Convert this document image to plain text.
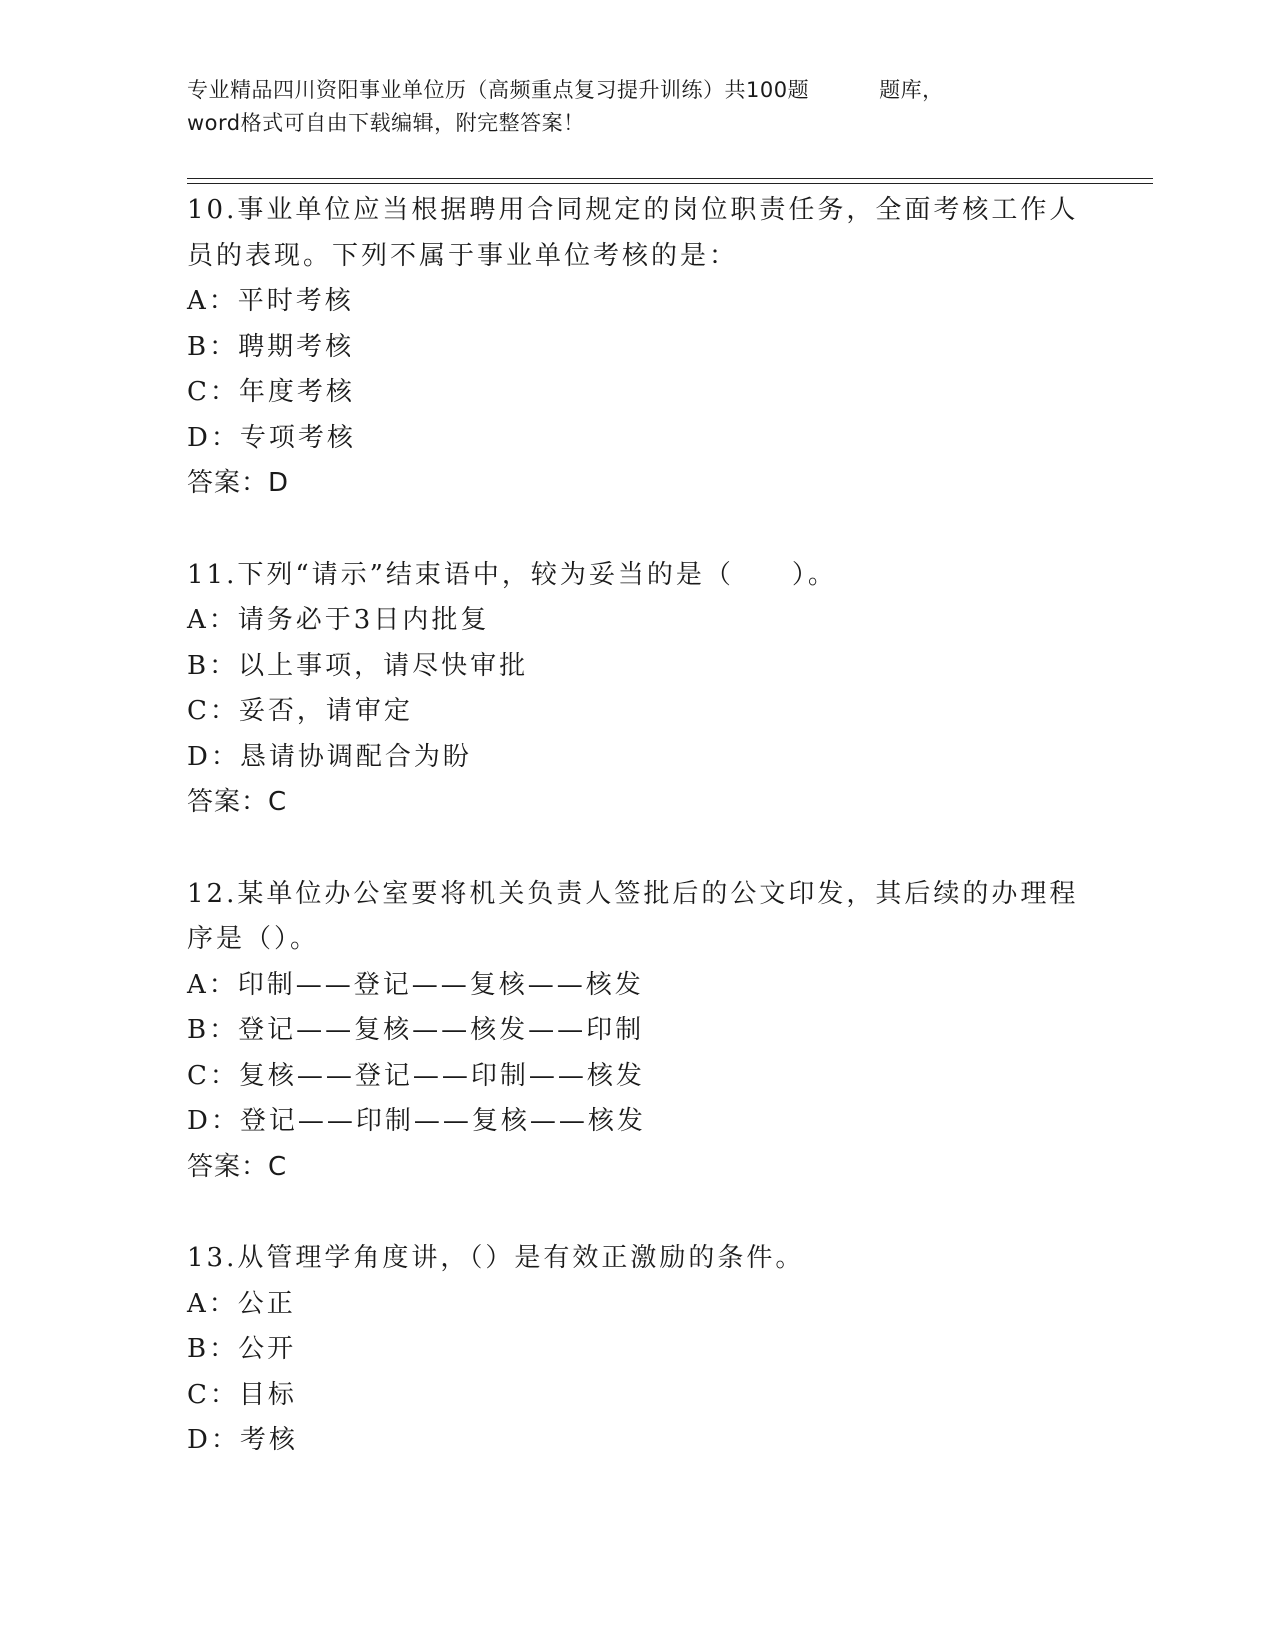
专业精品四川资阳事业单位历（高频重点复习提升训练）共100题	题库，
word格式可自由下载编辑，附完整答案！
10.事业单位应当根据聘用合同规定的岗位职责任务，全面考核工作人员的表现。下列不属于事业单位考核的是：
A：平时考核
B：聘期考核
C：年度考核
D：专项考核
答案：D
11.下列“请示”结束语中，较为妥当的是（　　）。
A：请务必于3日内批复
B：以上事项，请尽快审批
C：妥否，请审定
D：恳请协调配合为盼
答案：C
12.某单位办公室要将机关负责人签批后的公文印发，其后续的办理程序是（）。
A：印制——登记——复核——核发
B：登记——复核——核发——印制
C：复核——登记——印制——核发
D：登记——印制——复核——核发
答案：C
13.从管理学角度讲，（）是有效正激励的条件。
A：公正
B：公开
C：目标
D：考核
